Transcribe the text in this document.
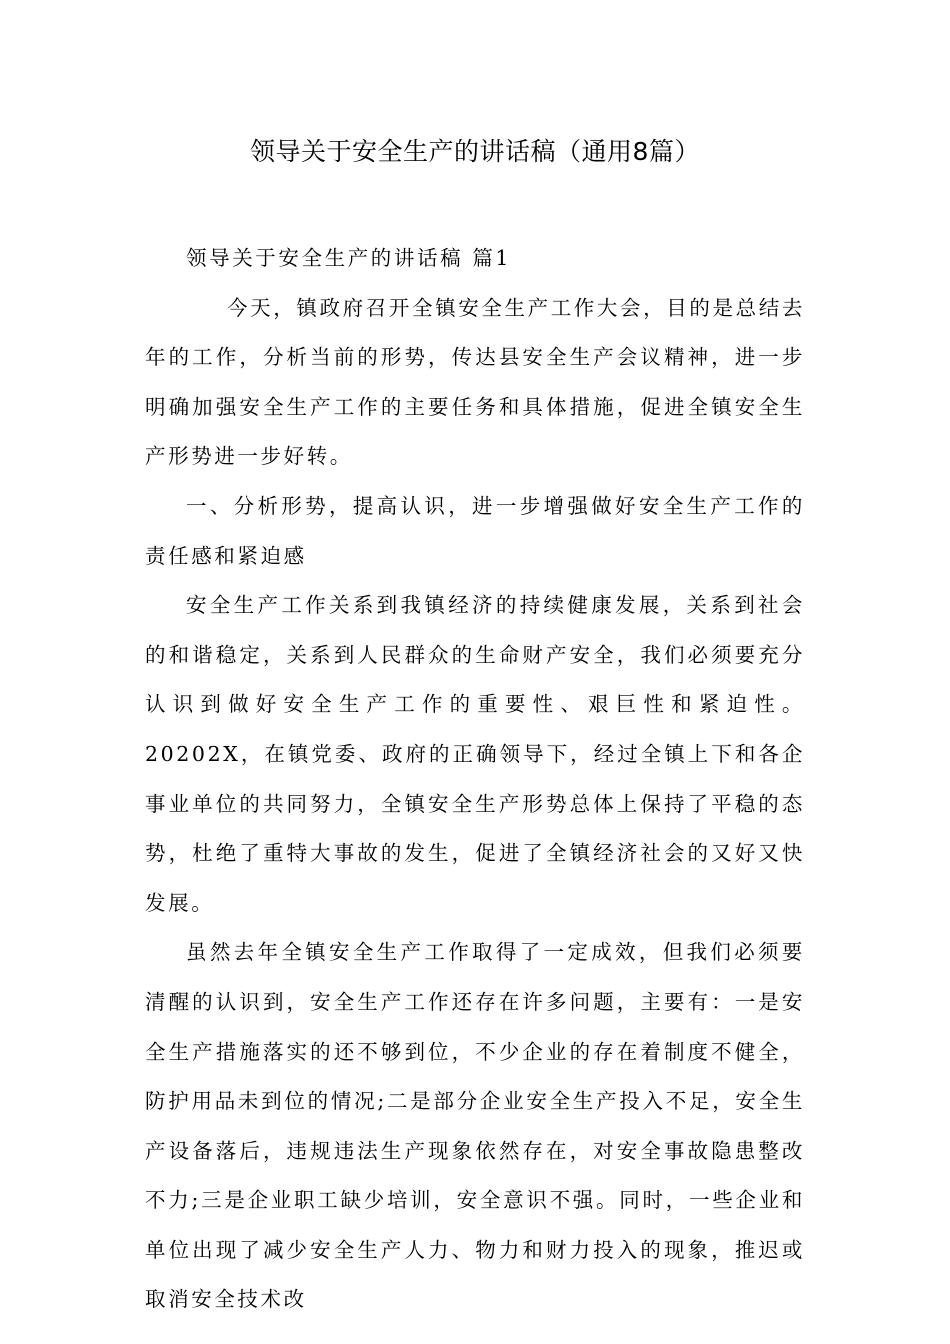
领导关于安全生产的讲话稿（通用8篇）

领导关于安全生产的讲话稿 篇1

今天，镇政府召开全镇安全生产工作大会，目的是总结去年的工作，分析当前的形势，传达县安全生产会议精神，进一步明确加强安全生产工作的主要任务和具体措施，促进全镇安全生产形势进一步好转。

一、分析形势，提高认识，进一步增强做好安全生产工作的责任感和紧迫感

安全生产工作关系到我镇经济的持续健康发展，关系到社会的和谐稳定，关系到人民群众的生命财产安全，我们必须要充分认识到做好安全生产工作的重要性、艰巨性和紧迫性。20202X，在镇党委、政府的正确领导下，经过全镇上下和各企事业单位的共同努力，全镇安全生产形势总体上保持了平稳的态势，杜绝了重特大事故的发生，促进了全镇经济社会的又好又快发展。

虽然去年全镇安全生产工作取得了一定成效，但我们必须要清醒的认识到，安全生产工作还存在许多问题，主要有：一是安全生产措施落实的还不够到位，不少企业的存在着制度不健全，防护用品未到位的情况;二是部分企业安全生产投入不足，安全生产设备落后，违规违法生产现象依然存在，对安全事故隐患整改不力;三是企业职工缺少培训，安全意识不强。同时，一些企业和单位出现了减少安全生产人力、物力和财力投入的现象，推迟或取消安全技术改
